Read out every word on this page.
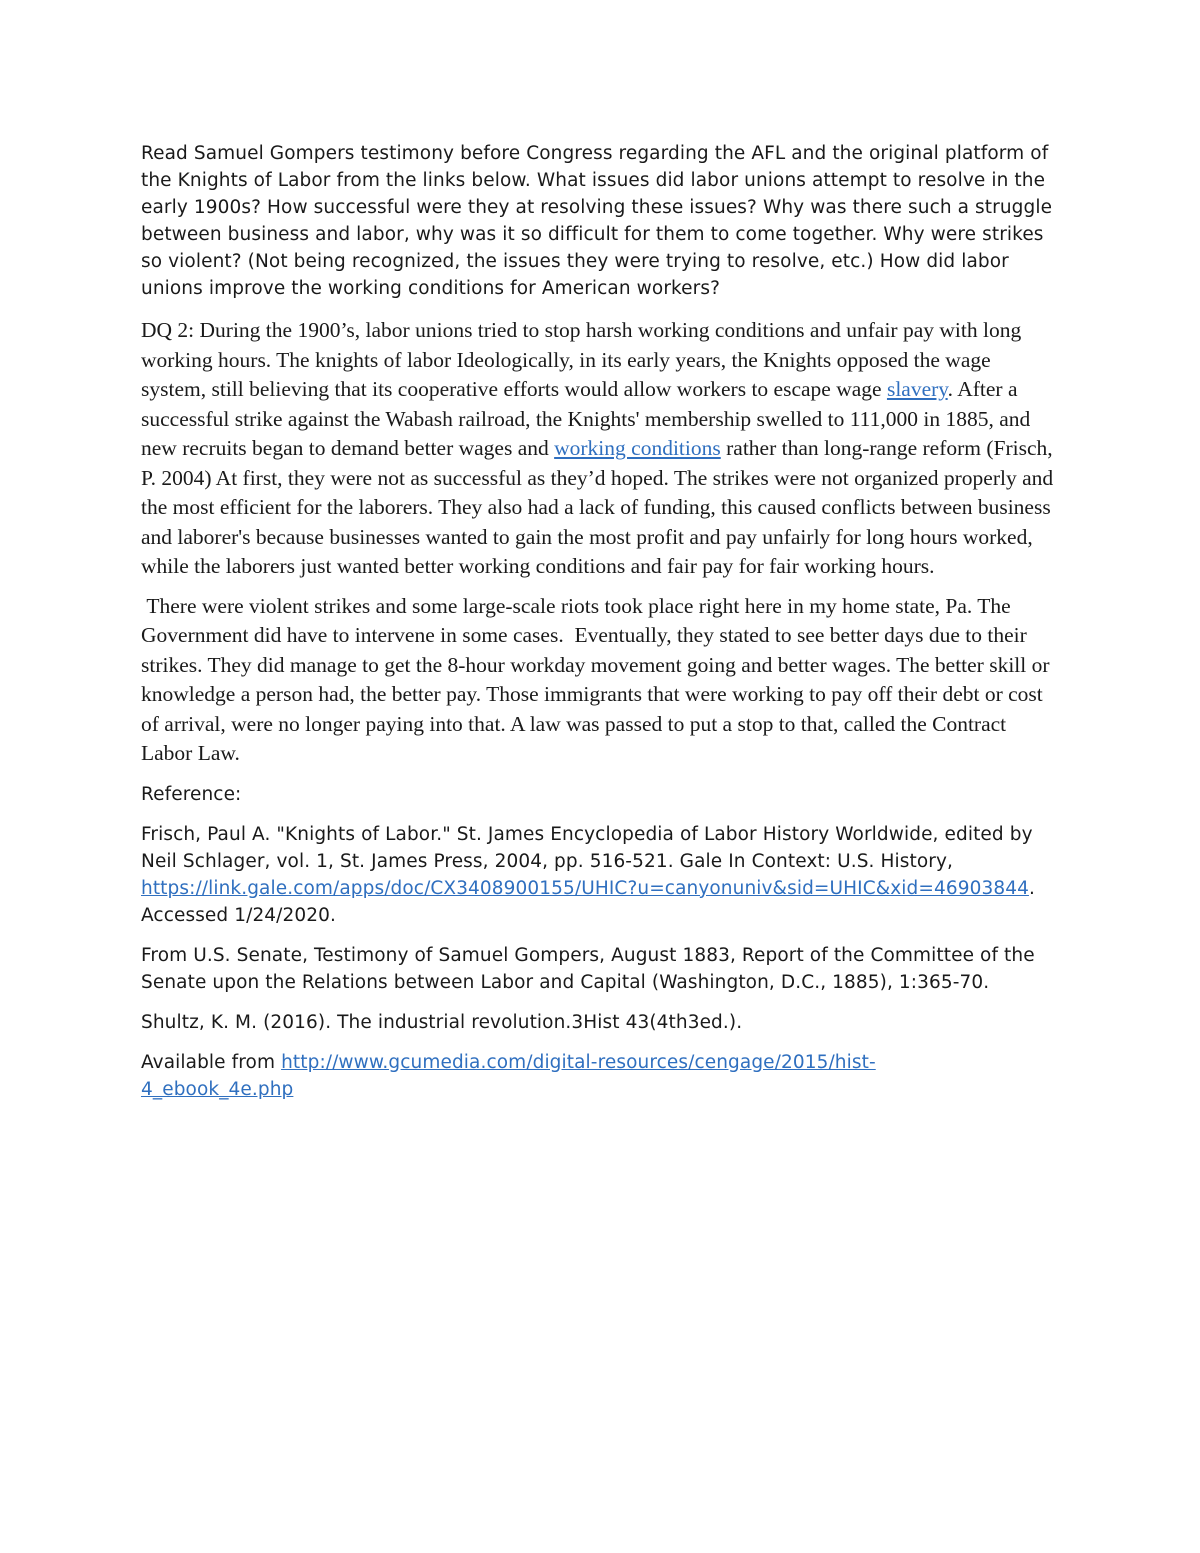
Read Samuel Gompers testimony before Congress regarding the AFL and the original platform of the Knights of Labor from the links below. What issues did labor unions attempt to resolve in the early 1900s? How successful were they at resolving these issues? Why was there such a struggle between business and labor, why was it so difficult for them to come together. Why were strikes so violent? (Not being recognized, the issues they were trying to resolve, etc.) How did labor unions improve the working conditions for American workers?

DQ 2: During the 1900’s, labor unions tried to stop harsh working conditions and unfair pay with long working hours. The knights of labor Ideologically, in its early years, the Knights opposed the wage system, still believing that its cooperative efforts would allow workers to escape wage slavery. After a successful strike against the Wabash railroad, the Knights' membership swelled to 111,000 in 1885, and new recruits began to demand better wages and working conditions rather than long-range reform (Frisch, P. 2004) At first, they were not as successful as they’d hoped. The strikes were not organized properly and the most efficient for the laborers. They also had a lack of funding, this caused conflicts between business and laborer's because businesses wanted to gain the most profit and pay unfairly for long hours worked, while the laborers just wanted better working conditions and fair pay for fair working hours.

There were violent strikes and some large-scale riots took place right here in my home state, Pa. The Government did have to intervene in some cases.  Eventually, they stated to see better days due to their strikes. They did manage to get the 8-hour workday movement going and better wages. The better skill or knowledge a person had, the better pay. Those immigrants that were working to pay off their debt or cost of arrival, were no longer paying into that. A law was passed to put a stop to that, called the Contract Labor Law.

Reference:

Frisch, Paul A. "Knights of Labor." St. James Encyclopedia of Labor History Worldwide, edited by Neil Schlager, vol. 1, St. James Press, 2004, pp. 516-521. Gale In Context: U.S. History, https://link.gale.com/apps/doc/CX3408900155/UHIC?u=canyonuniv&sid=UHIC&xid=46903844.
Accessed 1/24/2020.

From U.S. Senate, Testimony of Samuel Gompers, August 1883, Report of the Committee of the Senate upon the Relations between Labor and Capital (Washington, D.C., 1885), 1:365-70.

Shultz, K. M. (2016). The industrial revolution.3Hist 43(4th3ed.).

Available from http://www.gcumedia.com/digital-resources/cengage/2015/hist-
4_ebook_4e.php
